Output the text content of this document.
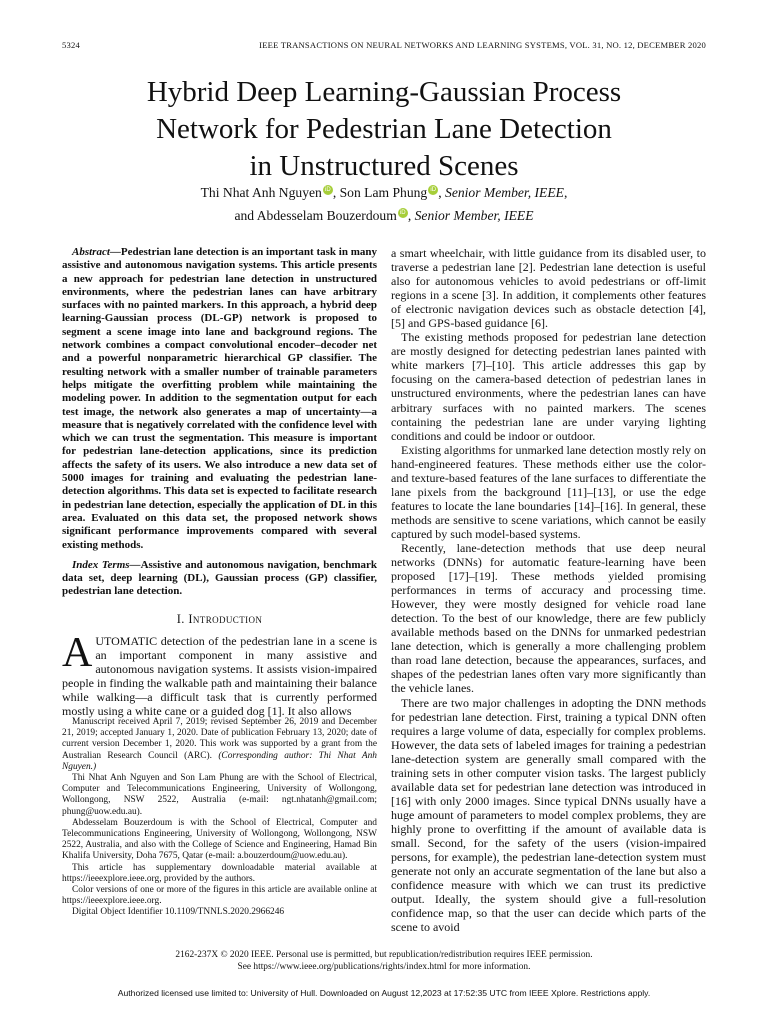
5324	IEEE TRANSACTIONS ON NEURAL NETWORKS AND LEARNING SYSTEMS, VOL. 31, NO. 12, DECEMBER 2020
Hybrid Deep Learning-Gaussian Process
Network for Pedestrian Lane Detection
in Unstructured Scenes
Thi Nhat Anh Nguyen iD , Son Lam Phung iD , Senior Member, IEEE,
and Abdesselam Bouzerdoum iD , Senior Member, IEEE

Abstract—Pedestrian lane detection is an important task in many assistive and autonomous navigation systems. This article presents a new approach for pedestrian lane detection in unstructured environments, where the pedestrian lanes can have arbitrary surfaces with no painted markers. In this approach, a hybrid deep learning-Gaussian process (DL-GP) network is proposed to segment a scene image into lane and background regions. The network combines a compact convolutional encoder–decoder net and a powerful nonparametric hierarchical GP classifier. The resulting network with a smaller number of trainable parameters helps mitigate the overfitting problem while maintaining the modeling power. In addition to the segmentation output for each test image, the network also generates a map of uncertainty—a measure that is negatively correlated with the confidence level with which we can trust the segmentation. This measure is important for pedestrian lane-detection applications, since its prediction affects the safety of its users. We also introduce a new data set of 5000 images for training and evaluating the pedestrian lane-detection algorithms. This data set is expected to facilitate research in pedestrian lane detection, especially the application of DL in this area. Evaluated on this data set, the proposed network shows significant performance improvements compared with several existing methods.

Index Terms—Assistive and autonomous navigation, benchmark data set, deep learning (DL), Gaussian process (GP) classifier, pedestrian lane detection.

I. Introduction
AUTOMATIC detection of the pedestrian lane in a scene is an important component in many assistive and autonomous navigation systems. It assists vision-impaired people in finding the walkable path and maintaining their balance while walking—a difficult task that is currently performed mostly using a white cane or a guided dog [1]. It also allows

Manuscript received April 7, 2019; revised September 26, 2019 and December 21, 2019; accepted January 1, 2020. Date of publication February 13, 2020; date of current version December 1, 2020. This work was supported by a grant from the Australian Research Council (ARC). (Corresponding author: Thi Nhat Anh Nguyen.)

Thi Nhat Anh Nguyen and Son Lam Phung are with the School of Electrical, Computer and Telecommunications Engineering, University of Wollongong, Wollongong, NSW 2522, Australia (e-mail: ngt.nhatanh@gmail.com; phung@uow.edu.au).

Abdesselam Bouzerdoum is with the School of Electrical, Computer and Telecommunications Engineering, University of Wollongong, Wollongong, NSW 2522, Australia, and also with the College of Science and Engineering, Hamad Bin Khalifa University, Doha 7675, Qatar (e-mail: a.bouzerdoum@uow.edu.au).

This article has supplementary downloadable material available at https://ieeexplore.ieee.org, provided by the authors.

Color versions of one or more of the figures in this article are available online at https://ieeexplore.ieee.org.

Digital Object Identifier 10.1109/TNNLS.2020.2966246

a smart wheelchair, with little guidance from its disabled user, to traverse a pedestrian lane [2]. Pedestrian lane detection is useful also for autonomous vehicles to avoid pedestrians or off-limit regions in a scene [3]. In addition, it complements other features of electronic navigation devices such as obstacle detection [4], [5] and GPS-based guidance [6].

The existing methods proposed for pedestrian lane detection are mostly designed for detecting pedestrian lanes painted with white markers [7]–[10]. This article addresses this gap by focusing on the camera-based detection of pedestrian lanes in unstructured environments, where the pedestrian lanes can have arbitrary surfaces with no painted markers. The scenes containing the pedestrian lane are under varying lighting conditions and could be indoor or outdoor.

Existing algorithms for unmarked lane detection mostly rely on hand-engineered features. These methods either use the color- and texture-based features of the lane surfaces to differentiate the lane pixels from the background [11]–[13], or use the edge features to locate the lane boundaries [14]–[16]. In general, these methods are sensitive to scene variations, which cannot be easily captured by such model-based systems.

Recently, lane-detection methods that use deep neural networks (DNNs) for automatic feature-learning have been proposed [17]–[19]. These methods yielded promising performances in terms of accuracy and processing time. However, they were mostly designed for vehicle road lane detection. To the best of our knowledge, there are few publicly available methods based on the DNNs for unmarked pedestrian lane detection, which is generally a more challenging problem than road lane detection, because the appearances, surfaces, and shapes of the pedestrian lanes often vary more significantly than the vehicle lanes.

There are two major challenges in adopting the DNN methods for pedestrian lane detection. First, training a typical DNN often requires a large volume of data, especially for complex problems. However, the data sets of labeled images for training a pedestrian lane-detection system are generally small compared with the training sets in other computer vision tasks. The largest publicly available data set for pedestrian lane detection was introduced in [16] with only 2000 images. Since typical DNNs usually have a huge amount of parameters to model complex problems, they are highly prone to overfitting if the amount of available data is small. Second, for the safety of the users (vision-impaired persons, for example), the pedestrian lane-detection system must generate not only an accurate segmentation of the lane but also a confidence measure with which we can trust its predictive output. Ideally, the system should give a full-resolution confidence map, so that the user can decide which parts of the scene to avoid

2162-237X © 2020 IEEE. Personal use is permitted, but republication/redistribution requires IEEE permission.
See https://www.ieee.org/publications/rights/index.html for more information.
Authorized licensed use limited to: University of Hull. Downloaded on August 12,2023 at 17:52:35 UTC from IEEE Xplore. Restrictions apply.
